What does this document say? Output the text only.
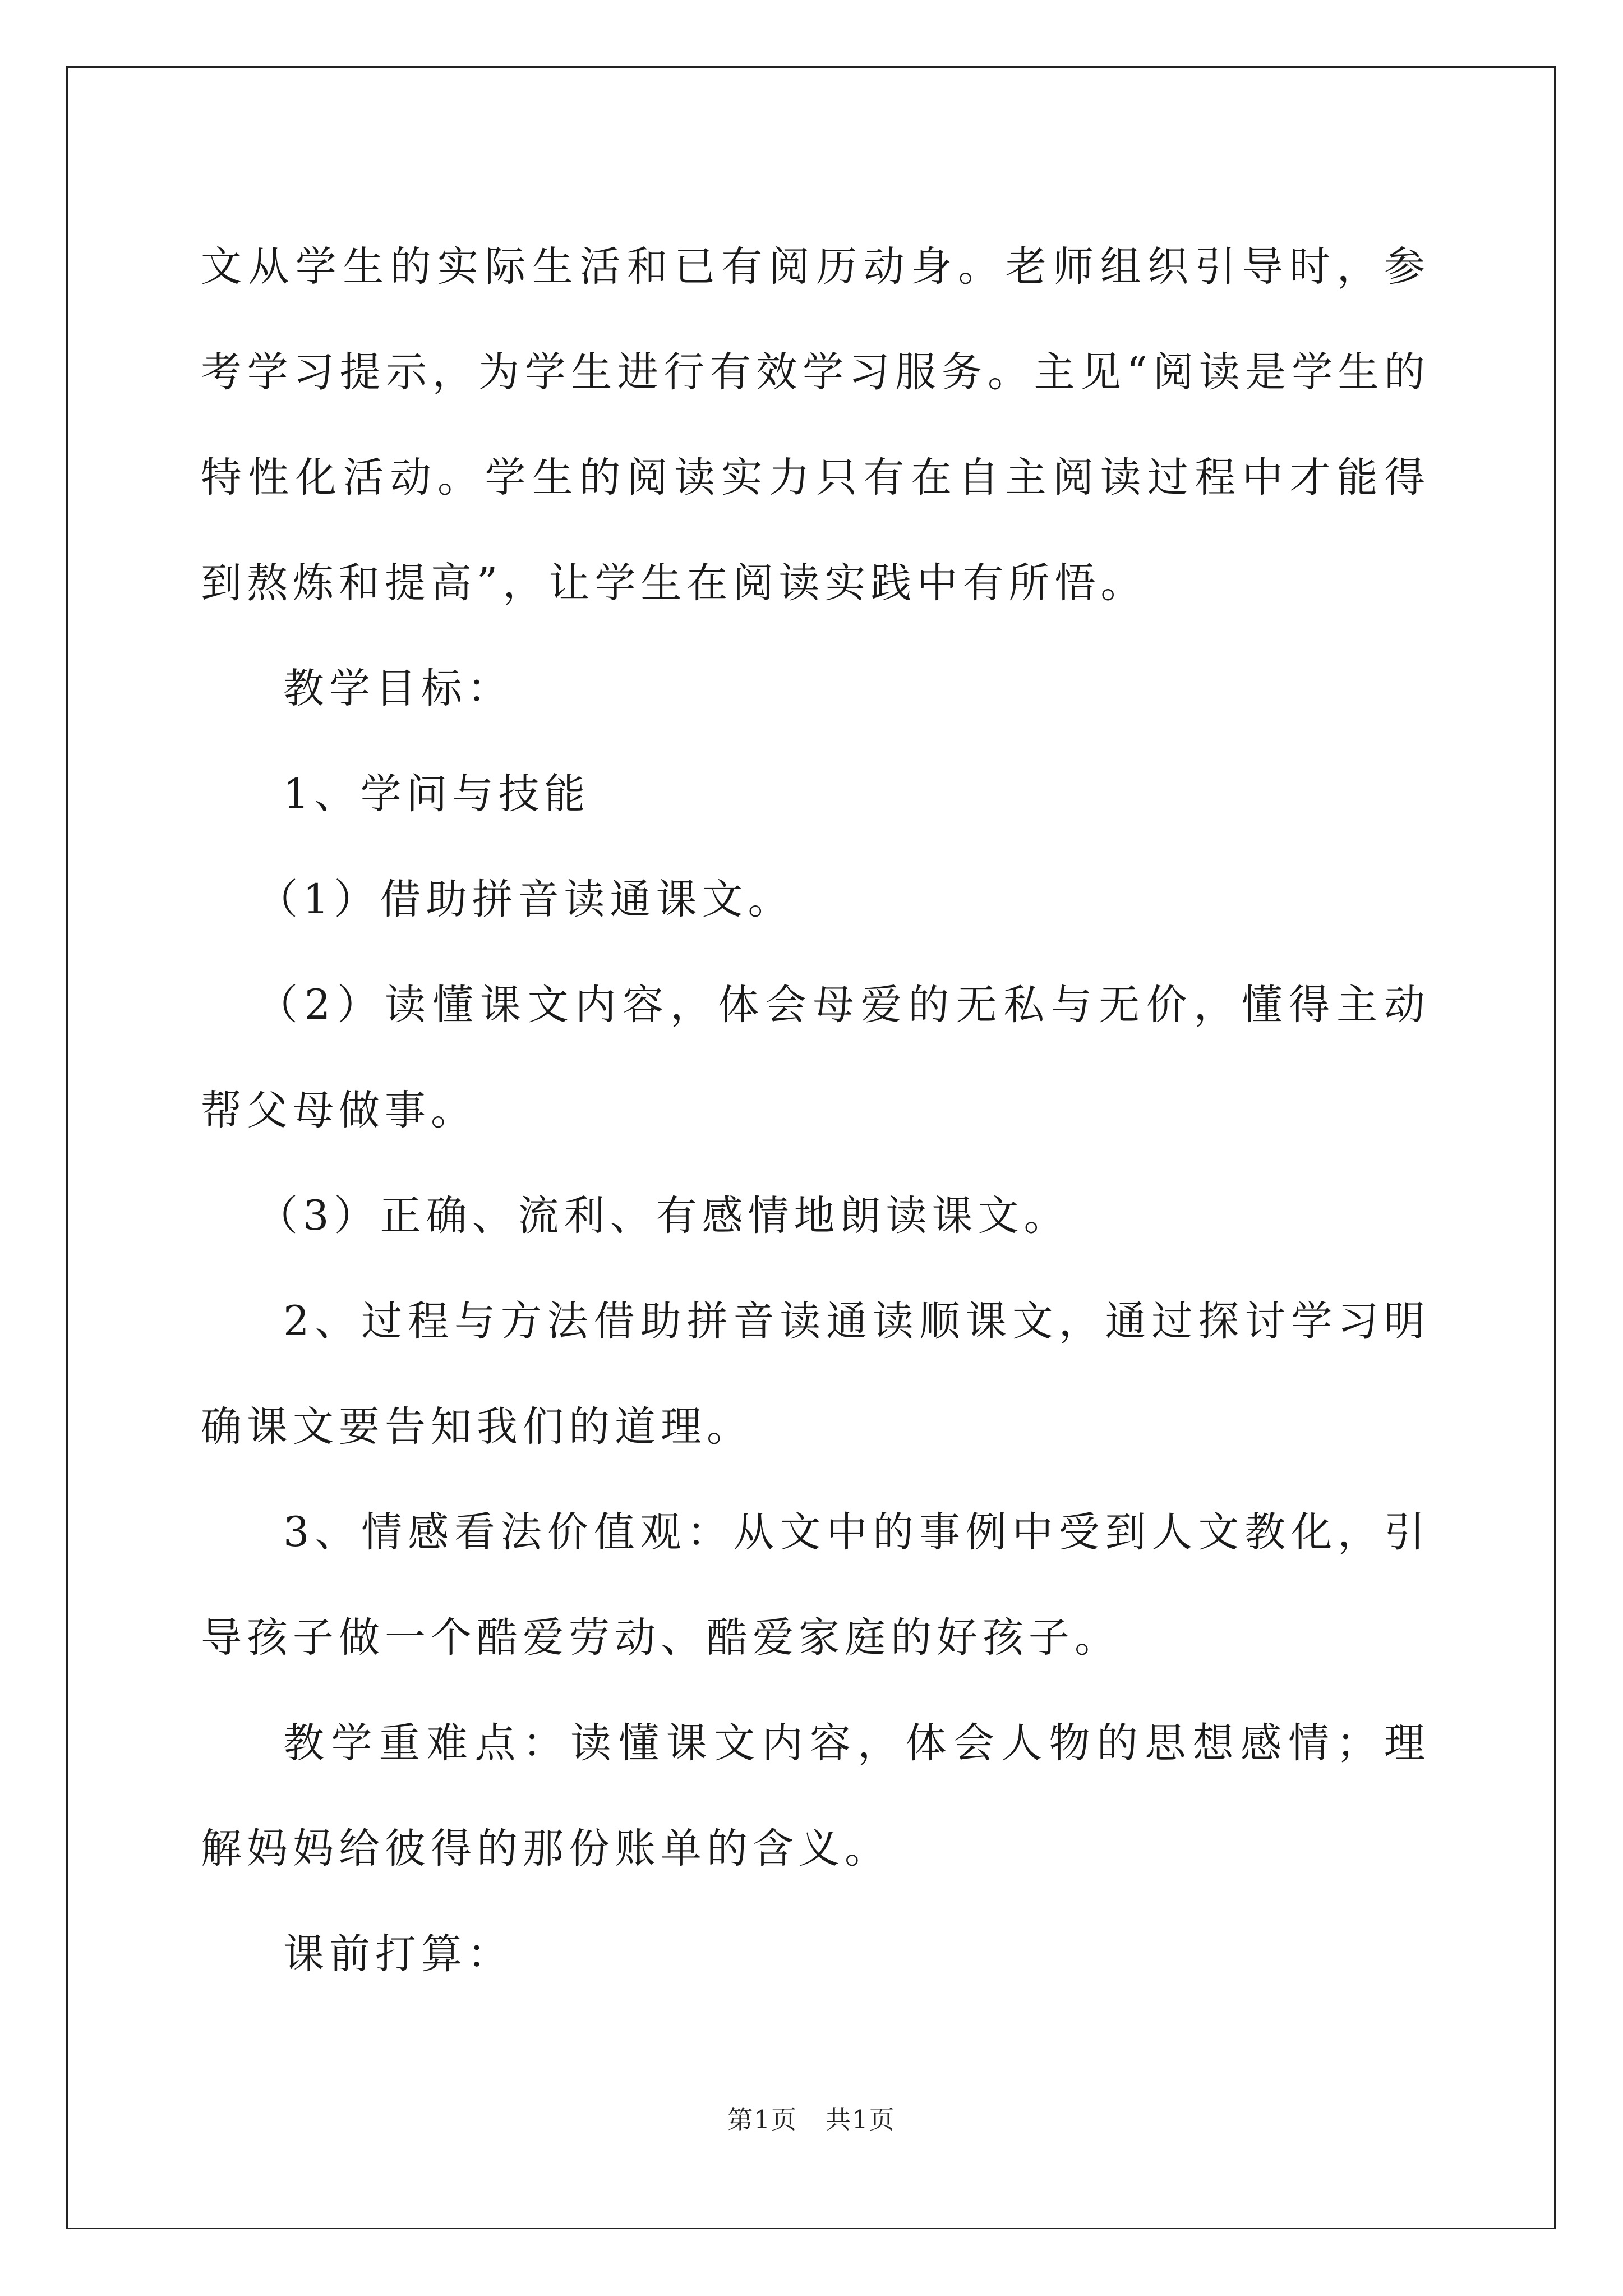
文从学生的实际生活和已有阅历动身。老师组织引导时，参考学习提示，为学生进行有效学习服务。主见“阅读是学生的特性化活动。学生的阅读实力只有在自主阅读过程中才能得到熬炼和提高”，让学生在阅读实践中有所悟。

教学目标：

1、学问与技能

（1）借助拼音读通课文。

（2）读懂课文内容，体会母爱的无私与无价，懂得主动帮父母做事。

（3）正确、流利、有感情地朗读课文。

2、过程与方法借助拼音读通读顺课文，通过探讨学习明确课文要告知我们的道理。

3、情感看法价值观：从文中的事例中受到人文教化，引导孩子做一个酷爱劳动、酷爱家庭的好孩子。

教学重难点：读懂课文内容，体会人物的思想感情；理解妈妈给彼得的那份账单的含义。

课前打算：

第1页 共1页
